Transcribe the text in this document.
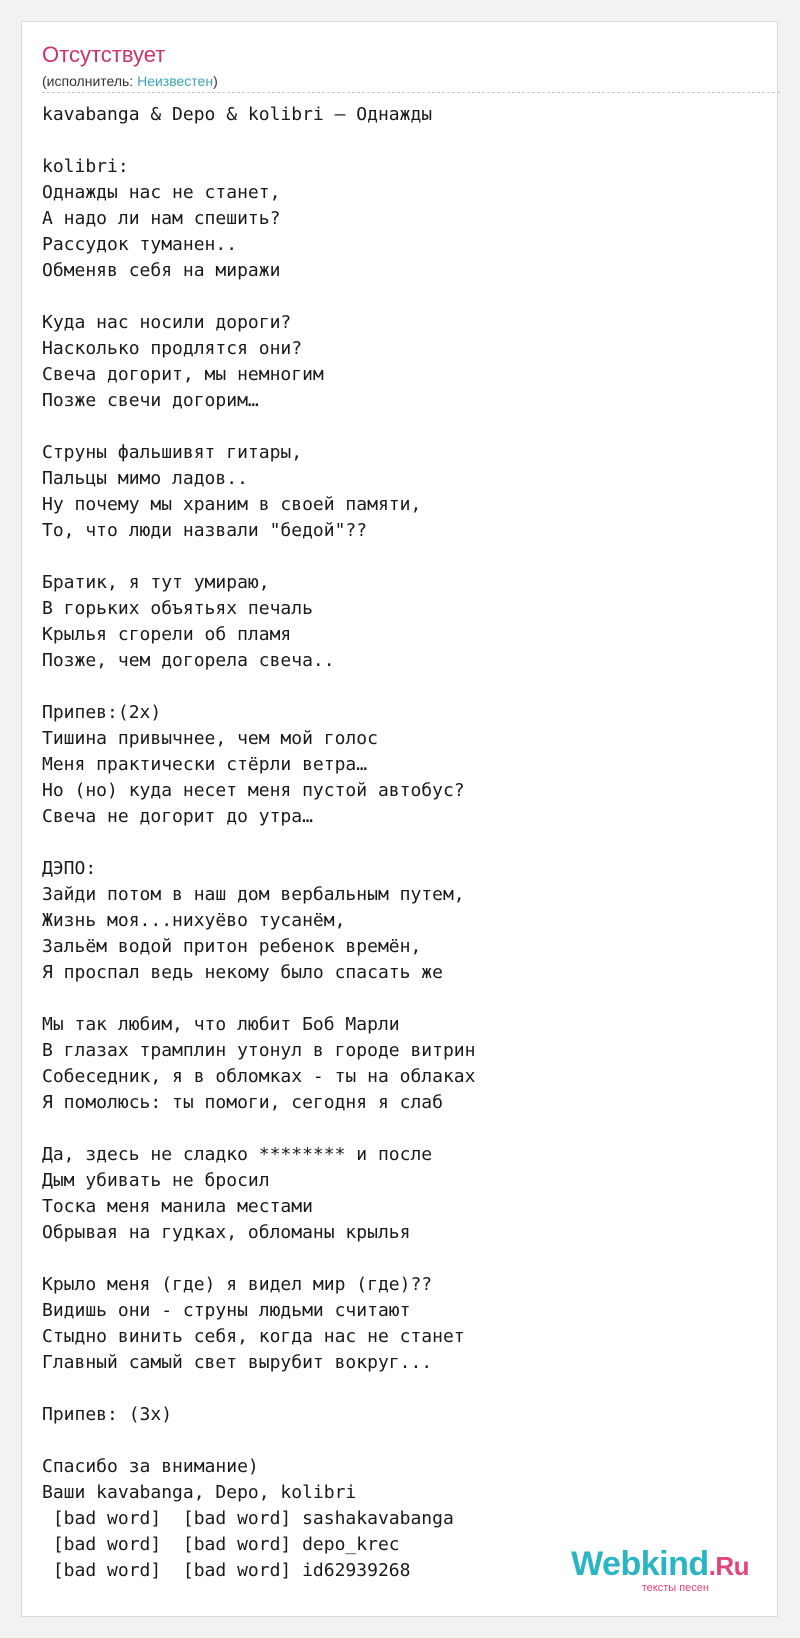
Отсутствует
(исполнитель: Неизвестен)
kavabanga & Depo & kolibri – Однажды

kolibri:
Однажды нас не станет,
А надо ли нам спешить?
Рассудок туманен..
Обменяв себя на миражи

Куда нас носили дороги?
Насколько продлятся они?
Свеча догорит, мы немногим
Позже свечи догорим…

Струны фальшивят гитары,
Пальцы мимо ладов..
Ну почему мы храним в своей памяти,
То, что люди назвали "бедой"??

Братик, я тут умираю,
В горьких объятьях печаль
Крылья сгорели об пламя
Позже, чем догорела свеча..

Припев:(2x)
Тишина привычнее, чем мой голос
Меня практически стёрли ветра…
Но (но) куда несет меня пустой автобус?
Свеча не догорит до утра…

ДЭПО:
Зайди потом в наш дом вербальным путем,
Жизнь моя...нихуёво тусанём,
Зальём водой притон ребенок времён,
Я проспал ведь некому было спасать же

Мы так любим, что любит Боб Марли
В глазах трамплин утонул в городе витрин
Собеседник, я в обломках - ты на облаках
Я помолюсь: ты помоги, сегодня я слаб

Да, здесь не сладко ******** и после
Дым убивать не бросил
Тоска меня манила местами
Обрывая на гудках, обломаны крылья

Крыло меня (где) я видел мир (где)??
Видишь они - струны людьми считают
Стыдно винить себя, когда нас не станет
Главный самый свет вырубит вокруг...

Припев: (3x)

Спасибо за внимание)
Ваши kavabanga, Depo, kolibri
[bad word]  [bad word] sashakavabanga
[bad word]  [bad word] depo_krec
[bad word]  [bad word] id62939268	Webkind.Ru
тексты песен
